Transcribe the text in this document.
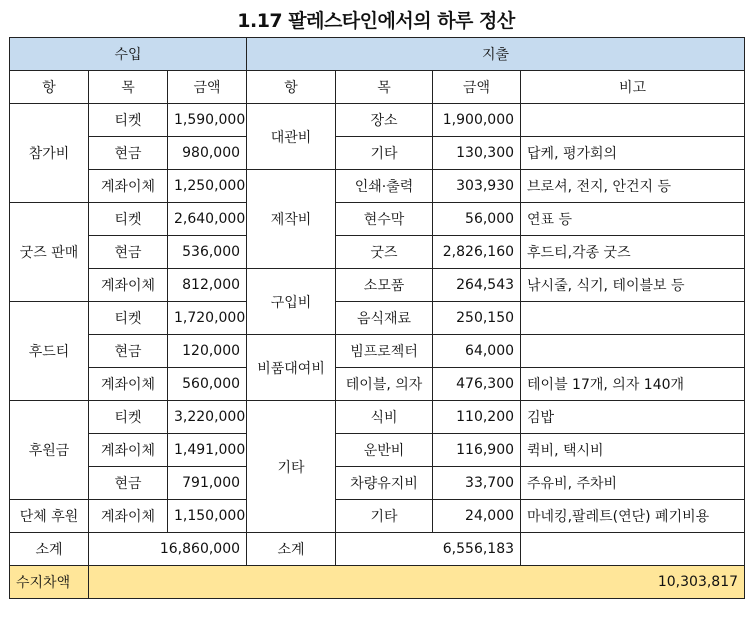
1.17 팔레스타인에서의 하루 정산
수입			지출			
항	목	금액	항	목	금액	비고
참가비	티켓	1,590,000	대관비	장소	1,900,000	
	현금	980,000		기타	130,300	답케, 평가회의
	계좌이체	1,250,000	제작비	인쇄·출력	303,930	브로셔, 전지, 안건지 등
굿즈 판매	티켓	2,640,000		현수막	56,000	연표 등
	현금	536,000		굿즈	2,826,160	후드티,각종 굿즈
	계좌이체	812,000	구입비	소모품	264,543	낚시줄, 식기, 테이블보 등
후드티	티켓	1,720,000		음식재료	250,150	
	현금	120,000	비품대여비	빔프로젝터	64,000	
	계좌이체	560,000		테이블, 의자	476,300	테이블 17개, 의자 140개
후원금	티켓	3,220,000	기타	식비	110,200	김밥
	계좌이체	1,491,000		운반비	116,900	퀵비, 택시비
	현금	791,000		차량유지비	33,700	주유비, 주차비
단체 후원	계좌이체	1,150,000		기타	24,000	마네킹,팔레트(연단) 폐기비용
소계	16,860,000		소계	6,556,183		
수지차액	10,303,817					
